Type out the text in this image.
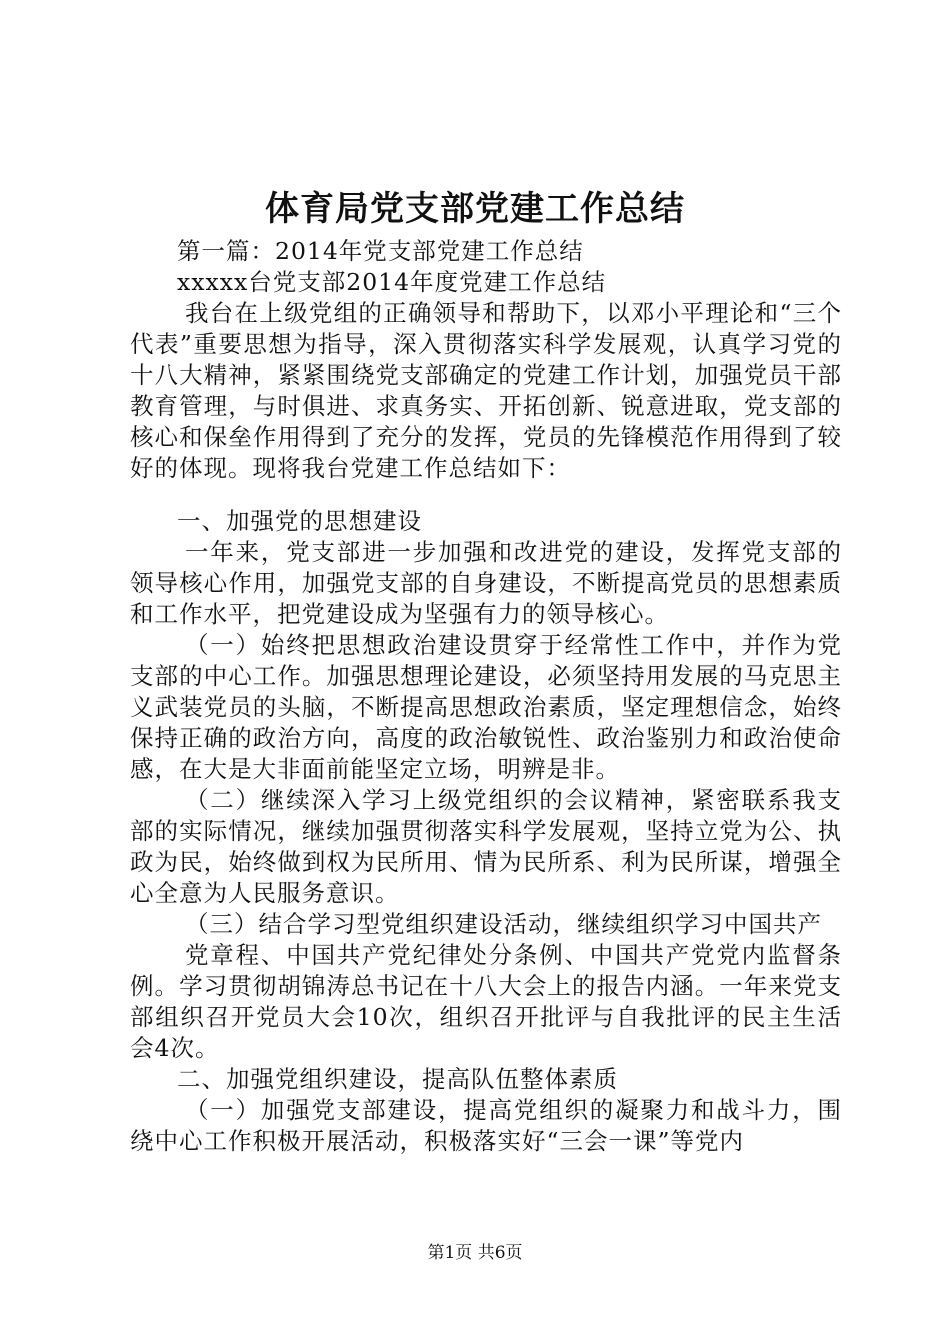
体育局党支部党建工作总结

第一篇：2014年党支部党建工作总结

xxxxx台党支部2014年度党建工作总结

我台在上级党组的正确领导和帮助下，以邓小平理论和“三个代表”重要思想为指导，深入贯彻落实科学发展观，认真学习党的十八大精神，紧紧围绕党支部确定的党建工作计划，加强党员干部教育管理，与时俱进、求真务实、开拓创新、锐意进取，党支部的核心和保垒作用得到了充分的发挥，党员的先锋模范作用得到了较好的体现。现将我台党建工作总结如下：

一、加强党的思想建设

一年来，党支部进一步加强和改进党的建设，发挥党支部的领导核心作用，加强党支部的自身建设，不断提高党员的思想素质和工作水平，把党建设成为坚强有力的领导核心。

（一）始终把思想政治建设贯穿于经常性工作中，并作为党支部的中心工作。加强思想理论建设，必须坚持用发展的马克思主义武装党员的头脑，不断提高思想政治素质，坚定理想信念，始终保持正确的政治方向，高度的政治敏锐性、政治鉴别力和政治使命感，在大是大非面前能坚定立场，明辨是非。

（二）继续深入学习上级党组织的会议精神，紧密联系我支部的实际情况，继续加强贯彻落实科学发展观，坚持立党为公、执政为民，始终做到权为民所用、情为民所系、利为民所谋，增强全心全意为人民服务意识。

（三）结合学习型党组织建设活动，继续组织学习中国共产

党章程、中国共产党纪律处分条例、中国共产党党内监督条例。学习贯彻胡锦涛总书记在十八大会上的报告内涵。一年来党支部组织召开党员大会10次，组织召开批评与自我批评的民主生活会4次。

二、加强党组织建设，提高队伍整体素质

（一）加强党支部建设，提高党组织的凝聚力和战斗力，围绕中心工作积极开展活动，积极落实好“三会一课”等党内

第1页 共6页
